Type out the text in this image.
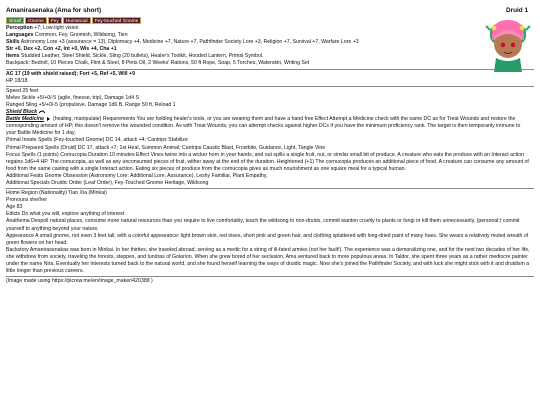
Amanirasenaka (Ama for short)	Druid 1
Small Gnome Fey Humanoid Fey-touched Gnome
Perception +7; Low-light vision
Languages Common, Fey, Gnomish, Wildsong, Tien
Skills Astronomy Lore +3 (assurance = 13), Diplomacy +4, Medicine +7, Nature +7, Pathfinder Society Lore +3, Religion +7, Survival +7, Warfare Lore +3
Str +0, Dex +2, Con +2, Int +0, Wis +4, Cha +1
Items Studded Leather, Steel Shield, Sickle, Sling (20 bullets), Healer's Toolkit, Hooded Lantern, Primal Symbol,
Backpack: Bedroll, 10 Pieces Chalk, Flint & Steel, 8 Pints Oil, 2 Weeks' Rations, 50 ft Rope, Soap, 5 Torches, Waterskin, Writing Set
AC 17 (19 with shield raised); Fort +5, Ref +5, Will +9
HP 18/18
Speed 25 feet
Melee Sickle +5/+0/-5 (agile, finesse, trip), Damage 1d4 S
Ranged Sling +5/+0/-5 (propulsive, Damage 1d6 B, Range 50 ft, Reload 1
Shield Block
Battle Medicine (healing, manipulate) Requirements You are holding healer's tools, or you are wearing them and have a hand free Effect Attempt a Medicine check with the same DC as for Treat Wounds and restore the corresponding amount of HP; this doesn't remove the wounded condition. As with Treat Wounds, you can attempt checks against higher DCs if you have the minimum proficiency rank. The target is then temporarily immune to your Battle Medicine for 1 day.
Primal Innate Spells (Fey-touched Gnome) DC 14, attack +4; Cantrips Stabilize
Primal Prepared Spells (Druid) DC 17, attack +7; 1st Heal, Summon Animal; Cantrips Caustic Blast, Frostbite, Guidance, Light, Tangle Vine
Focus Spells (1 points) Cornucopia Duration 10 minutes Effect Vines twine into a wicker horn in your hands, and out spills a single fruit, nut, or similar small bit of produce. A creature who eats the produce with an Interact action regains 1d6+4 HP. The cornucopia, as well as any unconsumed pieces of fruit, wither away at the end of the duration. Heightened (+1) The cornucopia produces an additional piece of food. A creature can consume any amount of food from the same casting with a single Interact action. Eating six pieces of produce from the cornucopia gives as much nourishment as one square meal for a typical human.
Additional Feats Gnome Obsession (Astronomy Lore: Additional Lore, Assurance), Leshy Familiar, Plant Empathy,
Additional Specials Druidic Order (Leaf Order), Fey-Touched Gnome Heritage, Wildsong
Home Region (Nationality) Tian Xia (Minkai)
Pronouns she/her
Age 83
Edicts Do what you will, explore anything of interest
Anathema Despoil natural places, consume more natural resources than you require to live comfortably, teach the wildsong to non-druids, commit wanton cruelty to plants or fungi or kill them unnecessarily, (personal:) commit yourself to anything beyond your nature.
Appearance A small gnome, not even 3 feet tall, with a colorful appearance: light brown skin, red irises, short pink and green hair, and clothing splattered with long-dried paint of many hues. She wears a relatively muted wreath of green flowers on her head.
Backstory Amanirasenakas was born in Minkai. In her thirties, she traveled abroad, serving as a medic for a string of ill-fated armies (not her fault!). The experience was a demoralizing one, and for the next two decades of her life, she withdrew from society, traveling the forests, steppes, and tundras of Golarion. When she grew bored of her seclusion, Ama ventured back to more populous areas. In Taldor, she spent three years as a rather mediocre painter under the name Nira. Eventually her interests turned back to the natural world, and she found herself learning the ways of druidic magic. Now she's joined the Pathfinder Society, and with luck she might stick with it and druidism a little longer than previous careers.
(Image made using https://picrew.me/en/image_maker/420388 )
